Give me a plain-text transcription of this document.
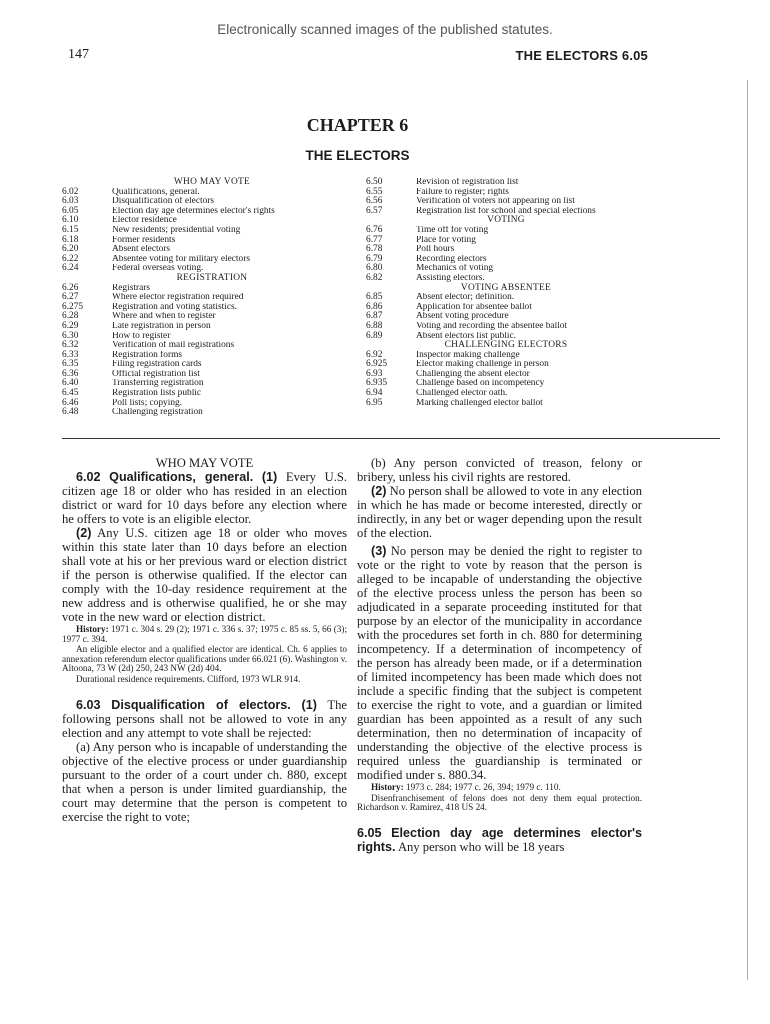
Electronically scanned images of the published statutes.
147	THE ELECTORS 6.05
CHAPTER 6
THE ELECTORS
WHO MAY VOTE
6.02	Qualifications, general.
6.03	Disqualification of electors
6.05	Election day age determines elector's rights
6.10	Elector residence
6.15	New residents; presidential voting
6.18	Former residents
6.20	Absent electors
6.22	Absentee voting for military electors
6.24	Federal overseas voting.
REGISTRATION
6.26	Registrars
6.27	Where elector registration required
6.275	Registration and voting statistics.
6.28	Where and when to register
6.29	Late registration in person
6.30	How to register
6.32	Verification of mail registrations
6.33	Registration forms
6.35	Filing registration cards
6.36	Official registration list
6.40	Transferring registration
6.45	Registration lists public
6.46	Poll lists; copying.
6.48	Challenging registration
6.50	Revision of registration list
6.55	Failure to register; rights
6.56	Verification of voters not appearing on list
6.57	Registration list for school and special elections
VOTING
6.76	Time off for voting
6.77	Place for voting
6.78	Poll hours
6.79	Recording electors
6.80	Mechanics of voting
6.82	Assisting electors.
VOTING ABSENTEE
6.85	Absent elector; definition.
6.86	Application for absentee ballot
6.87	Absent voting procedure
6.88	Voting and recording the absentee ballot
6.89	Absent electors list public.
CHALLENGING ELECTORS
6.92	Inspector making challenge
6.925	Elector making challenge in person
6.93	Challenging the absent elector
6.935	Challenge based on incompetency
6.94	Challenged elector oath.
6.95	Marking challenged elector ballot

WHO MAY VOTE

6.02 Qualifications, general. (1) Every U.S. citizen age 18 or older who has resided in an election district or ward for 10 days before any election where he offers to vote is an eligible elector.

(2) Any U.S. citizen age 18 or older who moves within this state later than 10 days before an election shall vote at his or her previous ward or election district if the person is otherwise qualified. If the elector can comply with the 10-day residence requirement at the new address and is otherwise qualified, he or she may vote in the new ward or election district.

History: 1971 c. 304 s. 29 (2); 1971 c. 336 s. 37; 1975 c. 85 ss. 5, 66 (3); 1977 c. 394.

An eligible elector and a qualified elector are identical. Ch. 6 applies to annexation referendum elector qualifications under 66.021 (6). Washington v. Altoona, 73 W (2d) 250, 243 NW (2d) 404.

Durational residence requirements. Clifford, 1973 WLR 914.

6.03 Disqualification of electors. (1) The following persons shall not be allowed to vote in any election and any attempt to vote shall be rejected:

(a) Any person who is incapable of understanding the objective of the elective process or under guardianship pursuant to the order of a court under ch. 880, except that when a person is under limited guardianship, the court may determine that the person is competent to exercise the right to vote;

(b) Any person convicted of treason, felony or bribery, unless his civil rights are restored.

(2) No person shall be allowed to vote in any election in which he has made or become interested, directly or indirectly, in any bet or wager depending upon the result of the election.

(3) No person may be denied the right to register to vote or the right to vote by reason that the person is alleged to be incapable of understanding the objective of the elective process unless the person has been so adjudicated in a separate proceeding instituted for that purpose by an elector of the municipality in accordance with the procedures set forth in ch. 880 for determining incompetency. If a determination of incompetency of the person has already been made, or if a determination of limited incompetency has been made which does not include a specific finding that the subject is competent to exercise the right to vote, and a guardian or limited guardian has been appointed as a result of any such determination, then no determination of incapacity of understanding the objective of the elective process is required unless the guardianship is terminated or modified under s. 880.34.

History: 1973 c. 284; 1977 c. 26, 394; 1979 c. 110.

Disenfranchisement of felons does not deny them equal protection. Richardson v. Ramirez, 418 US 24.

6.05 Election day age determines elector's rights. Any person who will be 18 years
